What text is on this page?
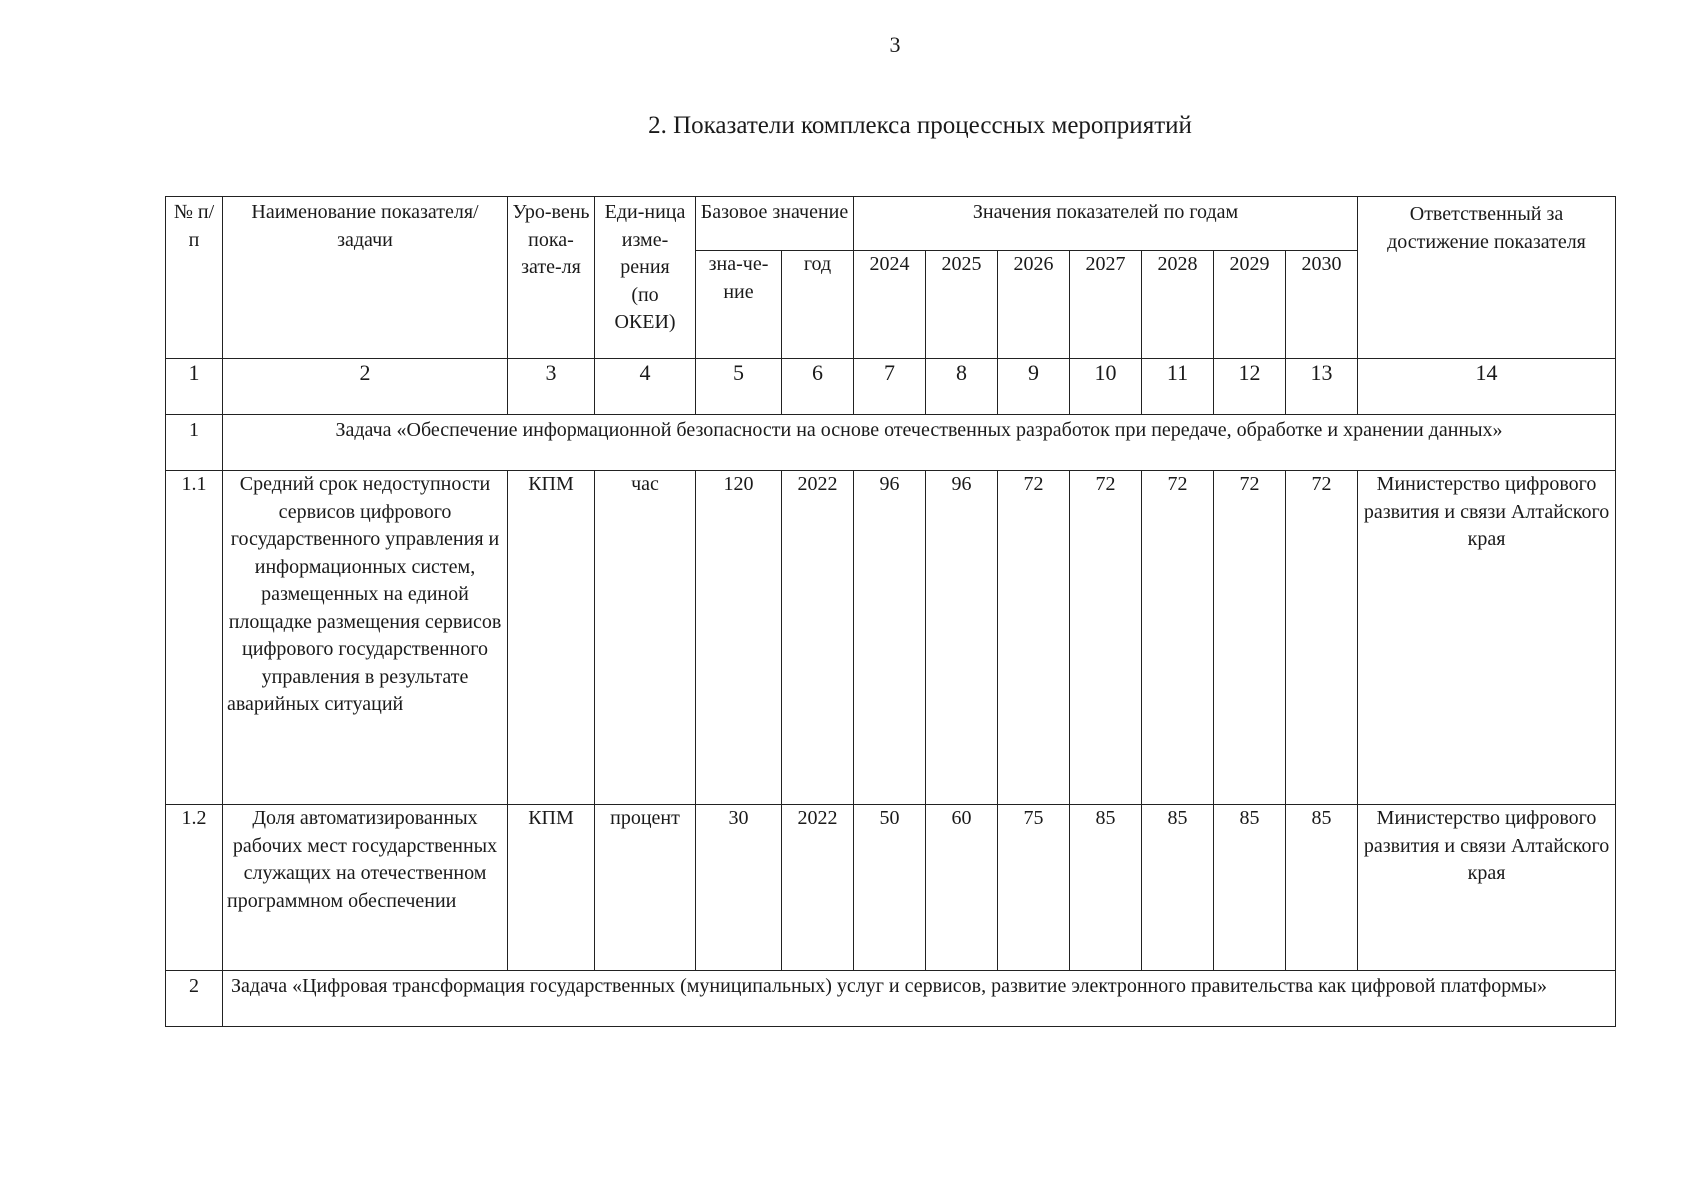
3
2. Показатели комплекса процессных мероприятий
№ п/п	Наименование показателя/задачи	Уро-вень пока-зате-ля	Еди-ница изме-рения (по ОКЕИ)	Базовое значение		Значения показателей по годам							Ответственный за достижение показателя
				зна-че-ние	год	2024	2025	2026	2027	2028	2029	2030	
1	2	3	4	5	6	7	8	9	10	11	12	13	14
1	Задача «Обеспечение информационной безопасности на основе отечественных разработок при передаче, обработке и хранении данных»												
1.1	Средний срок недоступности сервисов цифрового государственного управления и информационных систем, размещенных на единой площадке размещения сервисов цифрового государственного управления в результате аварийных ситуаций	КПМ	час	120	2022	96	96	72	72	72	72	72	Министерство цифрового развития и связи Алтайского края
1.2	Доля автоматизированных рабочих мест государственных служащих на отечественном программном обеспечении	КПМ	процент	30	2022	50	60	75	85	85	85	85	Министерство цифрового развития и связи Алтайского края
2	Задача «Цифровая трансформация государственных (муниципальных) услуг и сервисов, развитие электронного правительства как цифровой платформы»												
